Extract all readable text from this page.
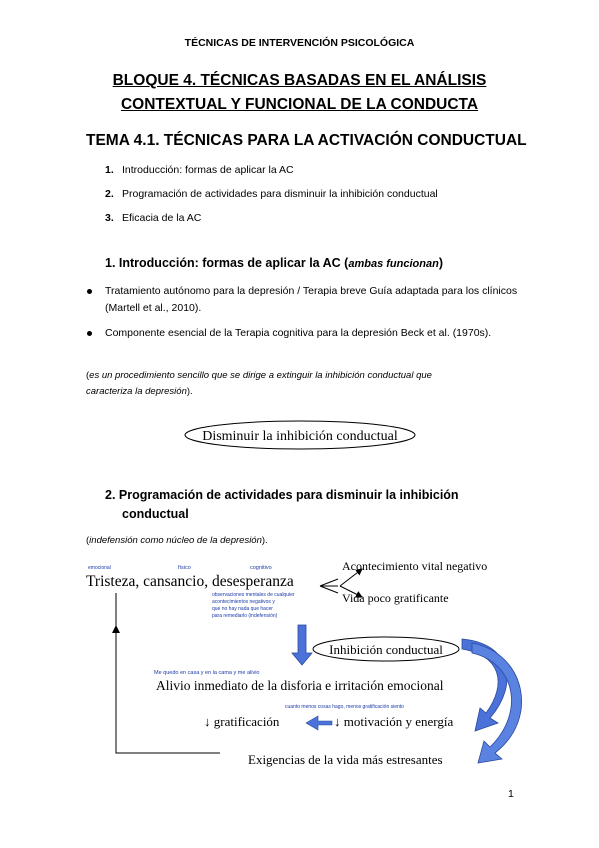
TÉCNICAS DE INTERVENCIÓN PSICOLÓGICA
BLOQUE 4. TÉCNICAS BASADAS EN EL ANÁLISIS
CONTEXTUAL Y FUNCIONAL DE LA CONDUCTA
TEMA 4.1. TÉCNICAS PARA LA ACTIVACIÓN CONDUCTUAL
1. Introducción: formas de aplicar la AC
2. Programación de actividades para disminuir la inhibición conductual
3. Eficacia de la AC
1. Introducción: formas de aplicar la AC (ambas funcionan)
Tratamiento autónomo para la depresión / Terapia breve Guía adaptada para los clínicos (Martell et al., 2010).
Componente esencial de la Terapia cognitiva para la depresión Beck et al. (1970s).
(es un procedimiento sencillo que se dirige a extinguir la inhibición conductual que
caracteriza la depresión).
Disminuir la inhibición conductual
2. Programación de actividades para disminuir la inhibición
conductual
(indefensión como núcleo de la depresión).
emocional	físico	cognitivo
Tristeza, cansancio, desesperanza
observaciones mentales de cualquier
acontecimientos negativos y
que no hay nada que hacer
para remediarlo (indefensión)
Acontecimiento vital negativo
Vida poco gratificante
Inhibición conductual
Me quedo en casa y en la cama y me alivio
Alivio inmediato de la disforia e irritación emocional
cuanto menos cosas hago, menos gratificación siento
↓ gratificación	↓ motivación y energía
Exigencias de la vida más estresantes
1
